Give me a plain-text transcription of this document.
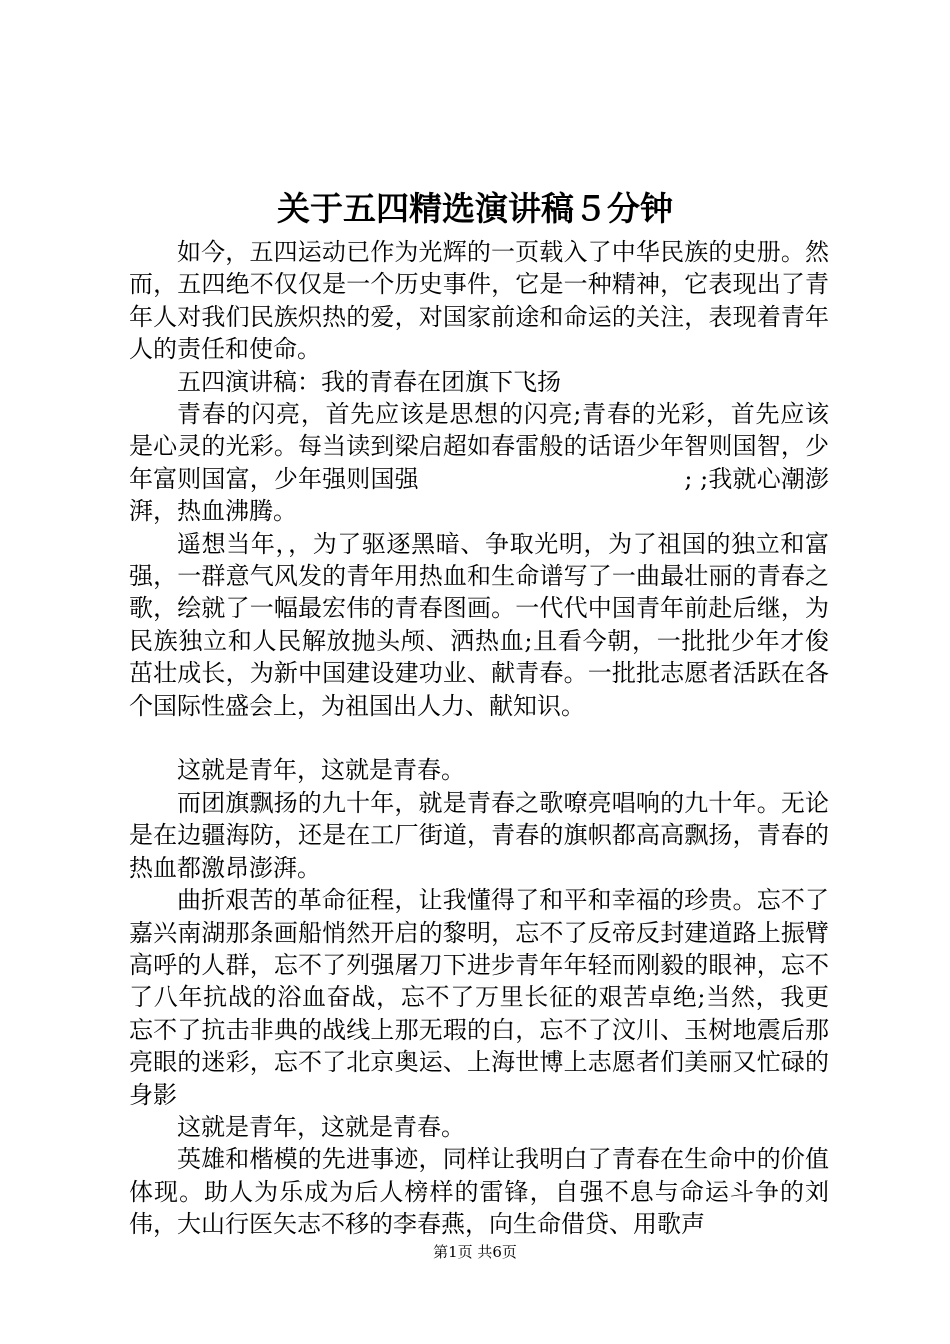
关于五四精选演讲稿５分钟

如今，五四运动已作为光辉的一页载入了中华民族的史册。然而，五四绝不仅仅是一个历史事件，它是一种精神，它表现出了青年人对我们民族炽热的爱，对国家前途和命运的关注，表现着青年人的责任和使命。

五四演讲稿：我的青春在团旗下飞扬

青春的闪亮，首先应该是思想的闪亮;青春的光彩，首先应该是心灵的光彩。每当读到梁启超如春雷般的话语少年智则国智，少年富则国富，少年强则国强　　　　　　　　　　　; ;我就心潮澎湃，热血沸腾。

遥想当年，，为了驱逐黑暗、争取光明，为了祖国的独立和富强，一群意气风发的青年用热血和生命谱写了一曲最壮丽的青春之歌，绘就了一幅最宏伟的青春图画。一代代中国青年前赴后继，为民族独立和人民解放抛头颅、洒热血;且看今朝，一批批少年才俊茁壮成长，为新中国建设建功业、献青春。一批批志愿者活跃在各个国际性盛会上，为祖国出人力、献知识。

这就是青年，这就是青春。

而团旗飘扬的九十年，就是青春之歌嘹亮唱响的九十年。无论是在边疆海防，还是在工厂街道，青春的旗帜都高高飘扬，青春的热血都激昂澎湃。

曲折艰苦的革命征程，让我懂得了和平和幸福的珍贵。忘不了嘉兴南湖那条画船悄然开启的黎明，忘不了反帝反封建道路上振臂高呼的人群，忘不了列强屠刀下进步青年年轻而刚毅的眼神，忘不了八年抗战的浴血奋战，忘不了万里长征的艰苦卓绝;当然，我更忘不了抗击非典的战线上那无瑕的白，忘不了汶川、玉树地震后那亮眼的迷彩，忘不了北京奥运、上海世博上志愿者们美丽又忙碌的身影

这就是青年，这就是青春。

英雄和楷模的先进事迹，同样让我明白了青春在生命中的价值体现。助人为乐成为后人榜样的雷锋，自强不息与命运斗争的刘伟，大山行医矢志不移的李春燕，向生命借贷、用歌声

第1页 共6页
